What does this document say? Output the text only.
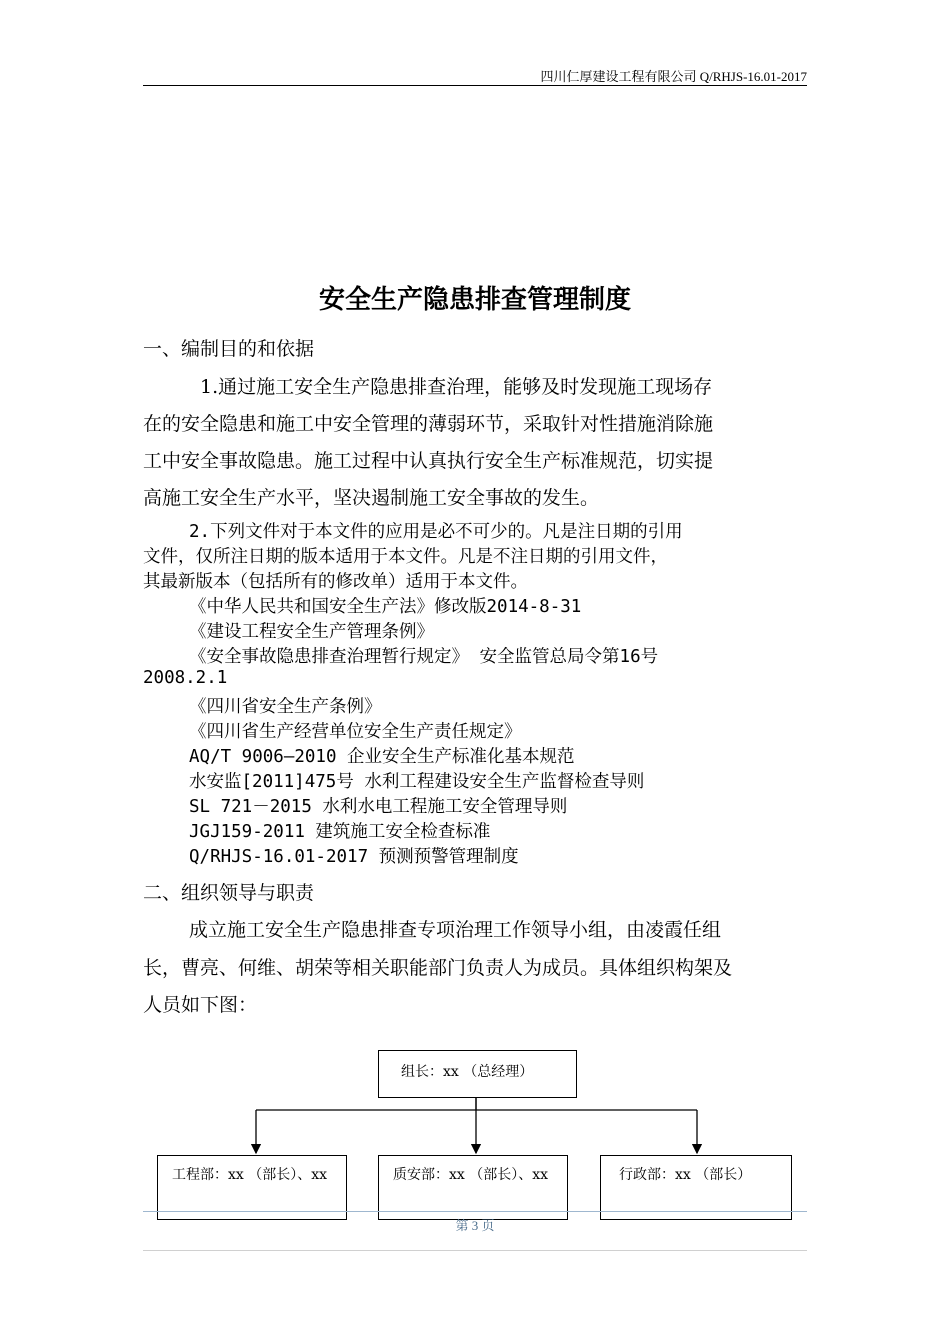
四川仁厚建设工程有限公司 Q/RHJS-16.01-2017
安全生产隐患排查管理制度
一、编制目的和依据
1.通过施工安全生产隐患排查治理，能够及时发现施工现场存
在的安全隐患和施工中安全管理的薄弱环节，采取针对性措施消除施
工中安全事故隐患。施工过程中认真执行安全生产标准规范，切实提
高施工安全生产水平，坚决遏制施工安全事故的发生。
2.下列文件对于本文件的应用是必不可少的。凡是注日期的引用
文件，仅所注日期的版本适用于本文件。凡是不注日期的引用文件，
其最新版本（包括所有的修改单）适用于本文件。
《中华人民共和国安全生产法》修改版2014-8-31
《建设工程安全生产管理条例》
《安全事故隐患排查治理暂行规定》 安全监管总局令第16号
2008.2.1
《四川省安全生产条例》
《四川省生产经营单位安全生产责任规定》
AQ/T 9006—2010 企业安全生产标准化基本规范
水安监[2011]475号 水利工程建设安全生产监督检查导则
SL 721－2015 水利水电工程施工安全管理导则
JGJ159-2011 建筑施工安全检查标准
Q/RHJS-16.01-2017 预测预警管理制度
二、组织领导与职责
成立施工安全生产隐患排查专项治理工作领导小组，由凌霞任组
长，曹亮、何维、胡荣等相关职能部门负责人为成员。具体组织构架及
人员如下图：
组长：xx （总经理）
工程部：xx （部长）、xx	质安部：xx （部长）、xx	行政部：xx （部长）
第 3 页
